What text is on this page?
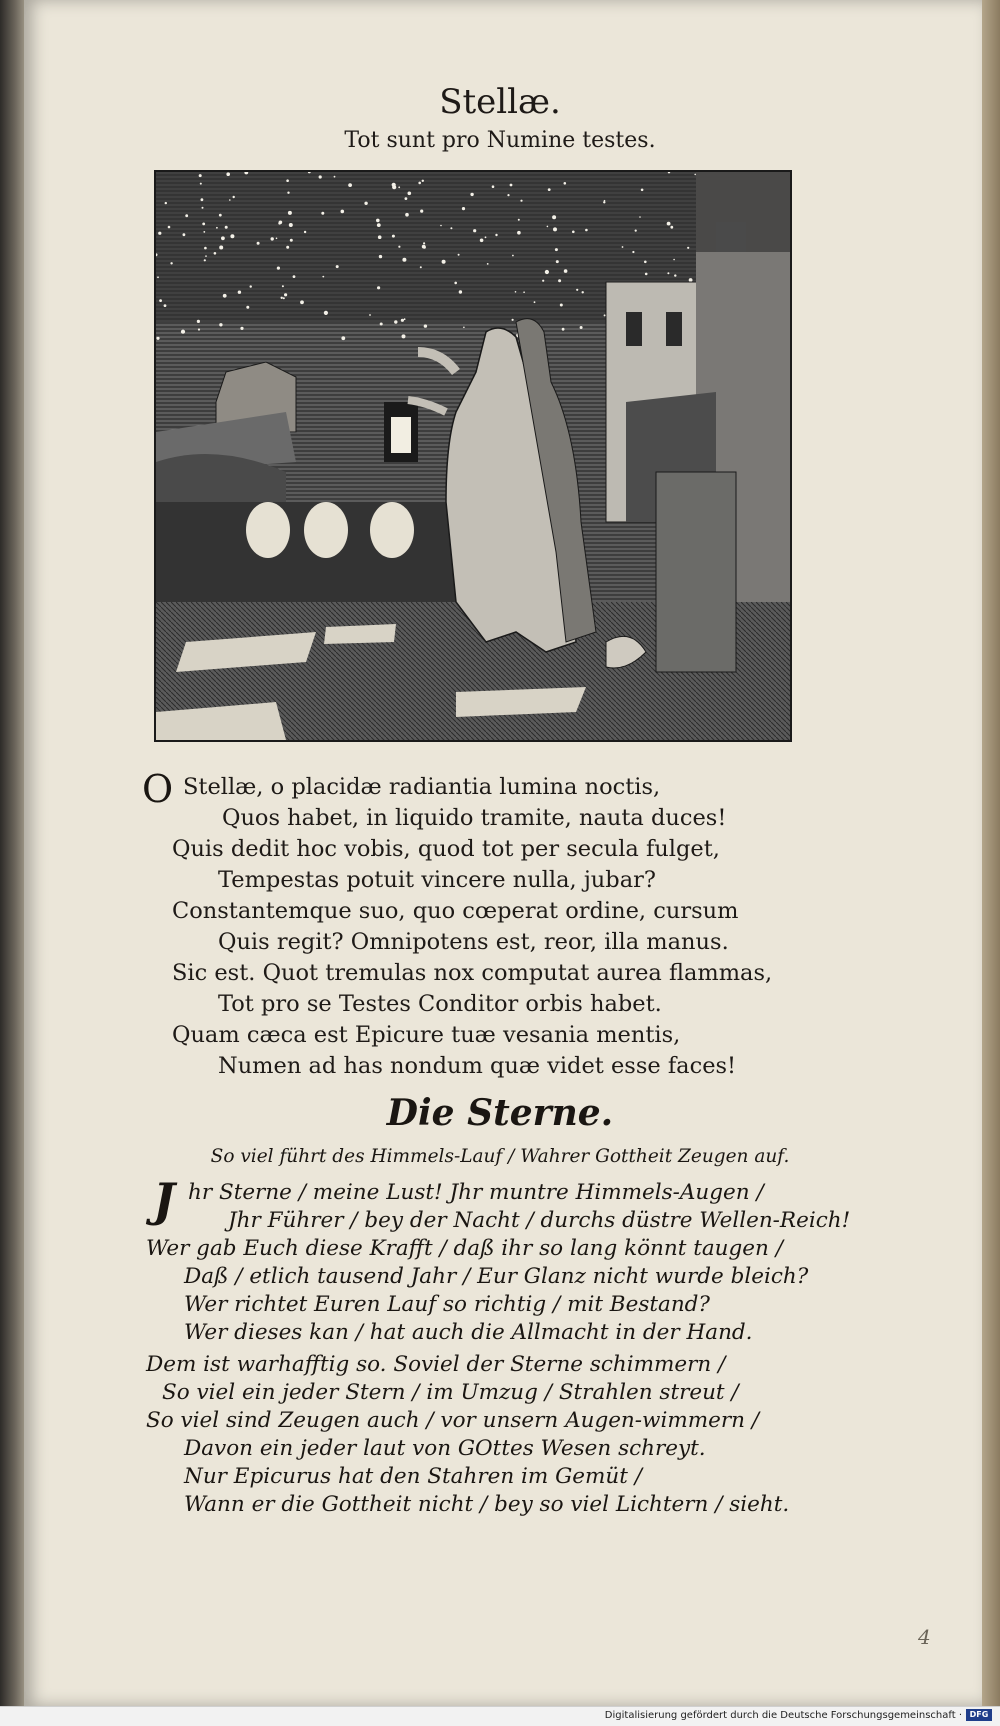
Stellæ.
Tot sunt pro Numine testes.
O Stellæ, o placidæ radiantia lumina noctis,
Quos habet, in liquido tramite, nauta duces!
Quis dedit hoc vobis, quod tot per secula fulget,
Tempestas potuit vincere nulla, jubar?
Constantemque suo, quo cœperat ordine, cursum
Quis regit? Omnipotens est, reor, illa manus.
Sic est. Quot tremulas nox computat aurea flammas,
Tot pro se Testes Conditor orbis habet.
Quam cæca est Epicure tuæ vesania mentis,
Numen ad has nondum quæ videt esse faces!
Die Sterne.
So viel führt des Himmels-Lauf / Wahrer Gottheit Zeugen auf.
J hr Sterne / meine Lust! Jhr muntre Himmels-Augen /
Jhr Führer / bey der Nacht / durchs düstre Wellen-Reich!
Wer gab Euch diese Krafft / daß ihr so lang könnt taugen /
Daß / etlich tausend Jahr / Eur Glanz nicht wurde bleich?
Wer richtet Euren Lauf so richtig / mit Bestand?
Wer dieses kan / hat auch die Allmacht in der Hand.
Dem ist warhafftig so. Soviel der Sterne schimmern /
So viel ein jeder Stern / im Umzug / Strahlen streut /
So viel sind Zeugen auch / vor unsern Augen-wimmern /
Davon ein jeder laut von GOttes Wesen schreyt.
Nur Epicurus hat den Stahren im Gemüt /
Wann er die Gottheit nicht / bey so viel Lichtern / sieht.
4
Digitalisierung gefördert durch die Deutsche Forschungsgemeinschaft · DFG
